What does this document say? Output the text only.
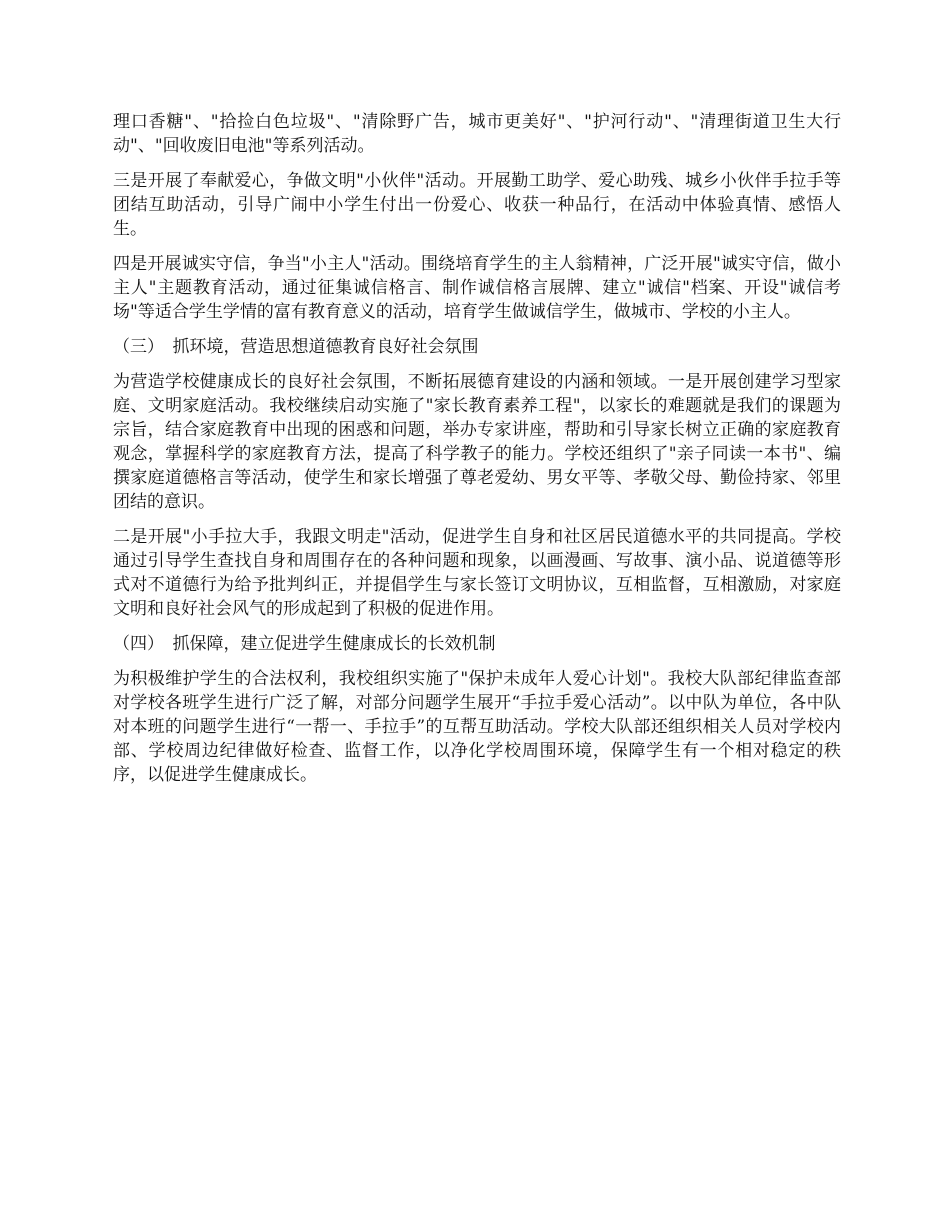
理口香糖"、"拾捡白色垃圾"、"清除野广告，城市更美好"、"护河行动"、"清理街道卫生大行动"、"回收废旧电池"等系列活动。

三是开展了奉献爱心，争做文明"小伙伴"活动。开展勤工助学、爱心助残、城乡小伙伴手拉手等团结互助活动，引导广闹中小学生付出一份爱心、收获一种品行，在活动中体验真情、感悟人生。

四是开展诚实守信，争当"小主人"活动。围绕培育学生的主人翁精神，广泛开展"诚实守信，做小主人"主题教育活动，通过征集诚信格言、制作诚信格言展牌、建立"诚信"档案、开设"诚信考场"等适合学生学情的富有教育意义的活动，培育学生做诚信学生，做城市、学校的小主人。

（三）　抓环境，营造思想道德教育良好社会氛围

为营造学校健康成长的良好社会氛围，不断拓展德育建设的内涵和领域。一是开展创建学习型家庭、文明家庭活动。我校继续启动实施了"家长教育素养工程"，以家长的难题就是我们的课题为宗旨，结合家庭教育中出现的困惑和问题，举办专家讲座，帮助和引导家长树立正确的家庭教育观念，掌握科学的家庭教育方法，提高了科学教子的能力。学校还组织了"亲子同读一本书"、编撰家庭道德格言等活动，使学生和家长增强了尊老爱幼、男女平等、孝敬父母、勤俭持家、邻里团结的意识。

二是开展"小手拉大手，我跟文明走"活动，促进学生自身和社区居民道德水平的共同提高。学校通过引导学生查找自身和周围存在的各种问题和现象，以画漫画、写故事、演小品、说道德等形式对不道德行为给予批判纠正，并提倡学生与家长签订文明协议，互相监督，互相激励，对家庭文明和良好社会风气的形成起到了积极的促进作用。

（四）　抓保障，建立促进学生健康成长的长效机制

为积极维护学生的合法权利，我校组织实施了"保护未成年人爱心计划"。我校大队部纪律监查部对学校各班学生进行广泛了解，对部分问题学生展开“手拉手爱心活动”。以中队为单位，各中队对本班的问题学生进行“一帮一、手拉手”的互帮互助活动。学校大队部还组织相关人员对学校内部、学校周边纪律做好检查、监督工作，以净化学校周围环境，保障学生有一个相对稳定的秩序，以促进学生健康成长。
